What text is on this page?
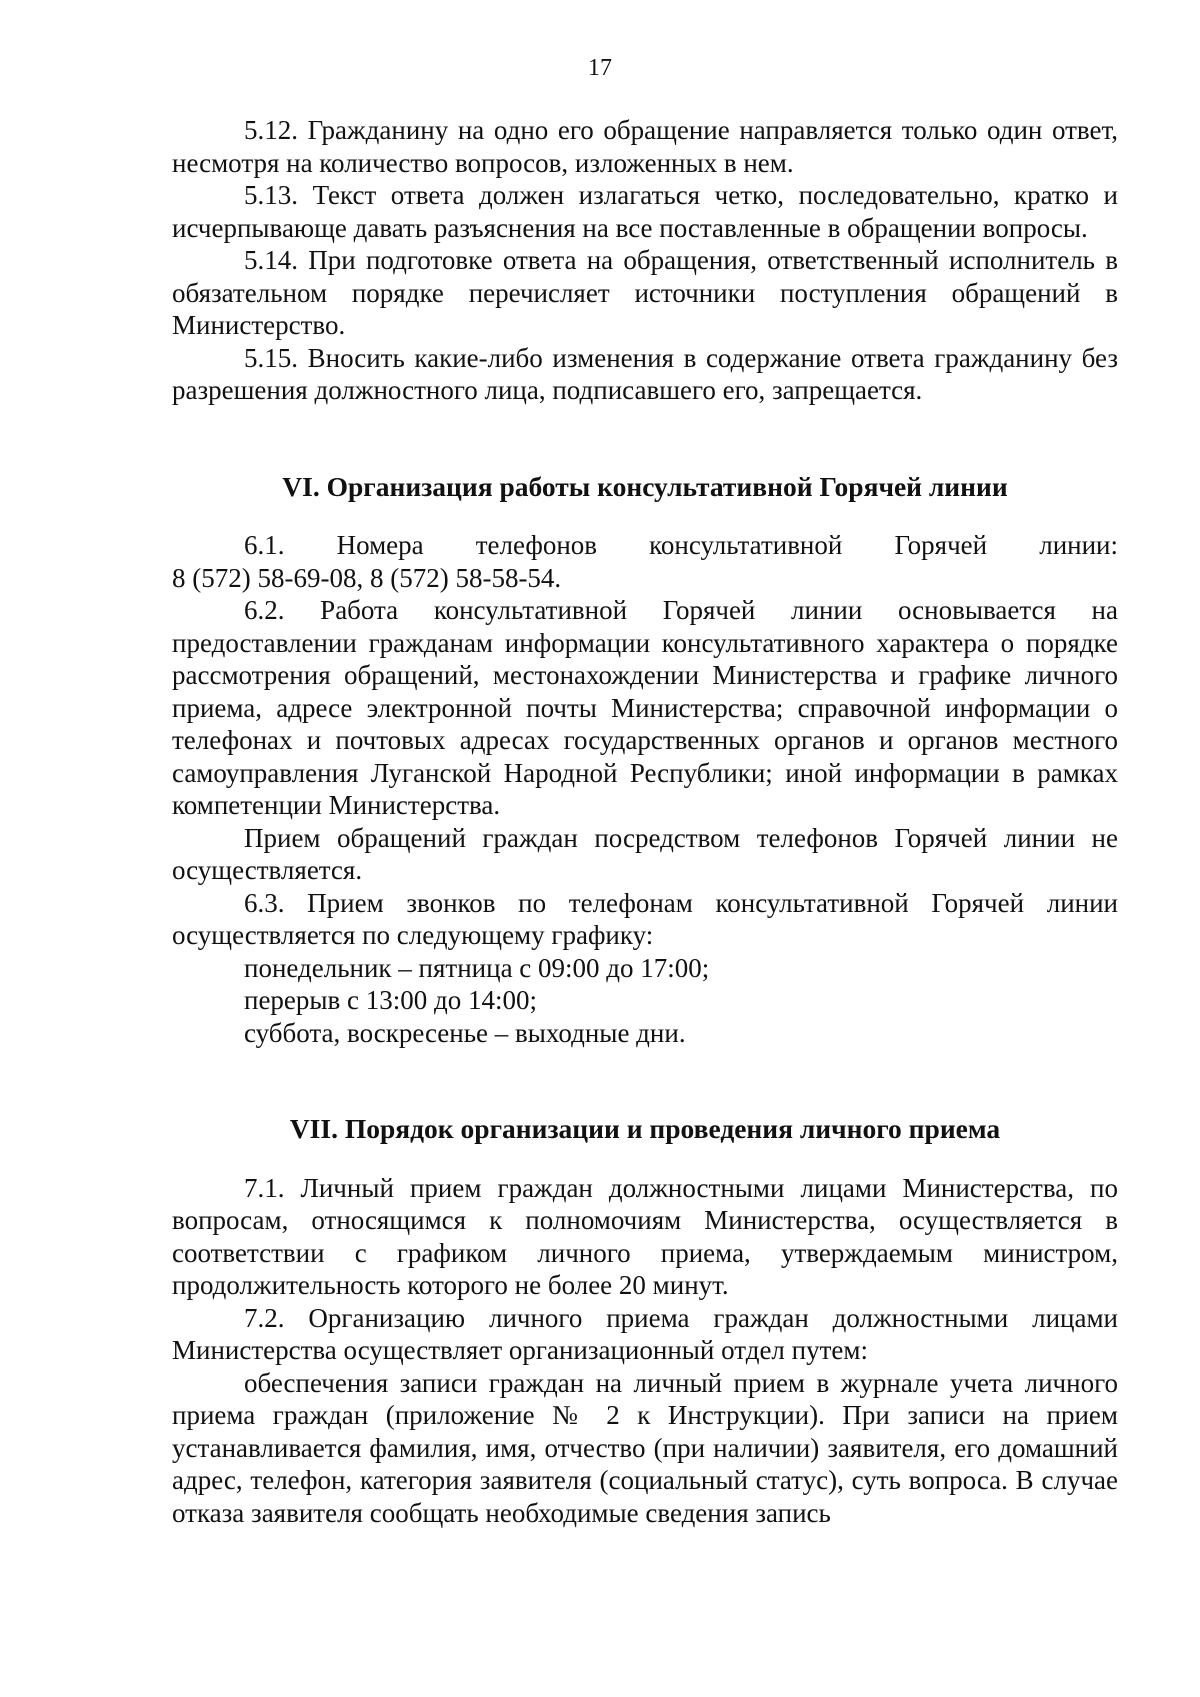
17

5.12. Гражданину на одно его обращение направляется только один ответ, несмотря на количество вопросов, изложенных в нем.

5.13. Текст ответа должен излагаться четко, последовательно, кратко и исчерпывающе давать разъяснения на все поставленные в обращении вопросы.

5.14. При подготовке ответа на обращения, ответственный исполнитель в обязательном порядке перечисляет источники поступления обращений в Министерство.

5.15. Вносить какие-либо изменения в содержание ответа гражданину без разрешения должностного лица, подписавшего его, запрещается.

VI. Организация работы консультативной Горячей линии

6.1. Номера телефонов консультативной Горячей линии:

8 (572) 58-69-08, 8 (572) 58-58-54.

6.2. Работа консультативной Горячей линии основывается на предоставлении гражданам информации консультативного характера о порядке рассмотрения обращений, местонахождении Министерства и графике личного приема, адресе электронной почты Министерства; справочной информации о телефонах и почтовых адресах государственных органов и органов местного самоуправления Луганской Народной Республики; иной информации в рамках компетенции Министерства.

Прием обращений граждан посредством телефонов Горячей линии не осуществляется.

6.3. Прием звонков по телефонам консультативной Горячей линии осуществляется по следующему графику:

понедельник – пятница с 09:00 до 17:00;

перерыв с 13:00 до 14:00;

суббота, воскресенье – выходные дни.

VII. Порядок организации и проведения личного приема

7.1. Личный прием граждан должностными лицами Министерства, по вопросам, относящимся к полномочиям Министерства, осуществляется в соответствии с графиком личного приема, утверждаемым министром, продолжительность которого не более 20 минут.

7.2. Организацию личного приема граждан должностными лицами Министерства осуществляет организационный отдел путем:

обеспечения записи граждан на личный прием в журнале учета личного приема граждан (приложение № 2 к Инструкции). При записи на прием устанавливается фамилия, имя, отчество (при наличии) заявителя, его домашний адрес, телефон, категория заявителя (социальный статус), суть вопроса. В случае отказа заявителя сообщать необходимые сведения запись
